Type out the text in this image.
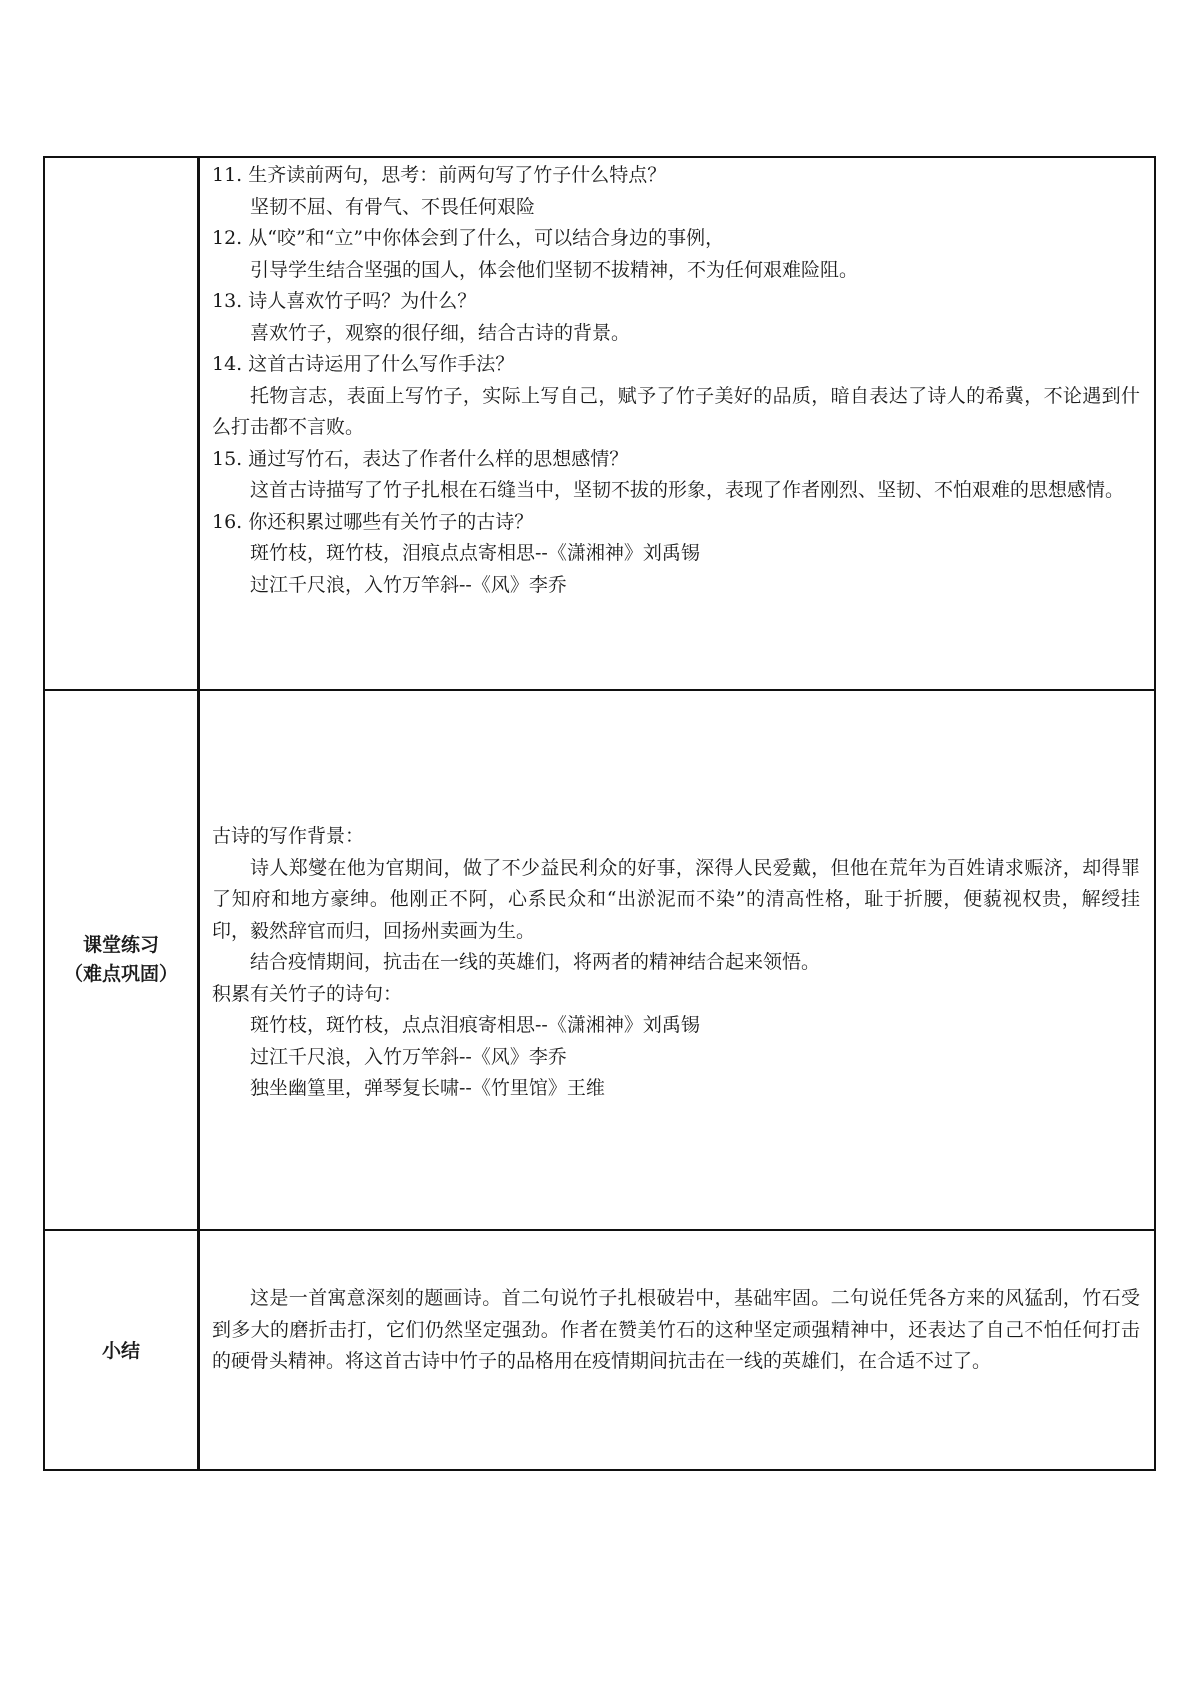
11. 生齐读前两句，思考：前两句写了竹子什么特点？
坚韧不屈、有骨气、不畏任何艰险
12. 从“咬”和“立”中你体会到了什么，可以结合身边的事例，
引导学生结合坚强的国人，体会他们坚韧不拔精神，不为任何艰难险阻。
13. 诗人喜欢竹子吗？为什么？
喜欢竹子，观察的很仔细，结合古诗的背景。
14. 这首古诗运用了什么写作手法？
托物言志，表面上写竹子，实际上写自己，赋予了竹子美好的品质，暗自表达了诗人的希冀，不论遇到什么打击都不言败。
15. 通过写竹石，表达了作者什么样的思想感情？
这首古诗描写了竹子扎根在石缝当中，坚韧不拔的形象，表现了作者刚烈、坚韧、不怕艰难的思想感情。
16. 你还积累过哪些有关竹子的古诗？
斑竹枝，斑竹枝，泪痕点点寄相思--《潇湘神》刘禹锡
过江千尺浪，入竹万竿斜--《风》李乔
课堂练习
（难点巩固）
古诗的写作背景：
诗人郑燮在他为官期间，做了不少益民利众的好事，深得人民爱戴，但他在荒年为百姓请求赈济，却得罪了知府和地方豪绅。他刚正不阿，心系民众和“出淤泥而不染”的清高性格，耻于折腰，便藐视权贵，解绶挂印，毅然辞官而归，回扬州卖画为生。
结合疫情期间，抗击在一线的英雄们，将两者的精神结合起来领悟。
积累有关竹子的诗句：
斑竹枝，斑竹枝，点点泪痕寄相思--《潇湘神》刘禹锡
过江千尺浪，入竹万竿斜--《风》李乔
独坐幽篁里，弹琴复长啸--《竹里馆》王维
小结
这是一首寓意深刻的题画诗。首二句说竹子扎根破岩中，基础牢固。二句说任凭各方来的风猛刮，竹石受到多大的磨折击打，它们仍然坚定强劲。作者在赞美竹石的这种坚定顽强精神中，还表达了自己不怕任何打击的硬骨头精神。将这首古诗中竹子的品格用在疫情期间抗击在一线的英雄们，在合适不过了。
